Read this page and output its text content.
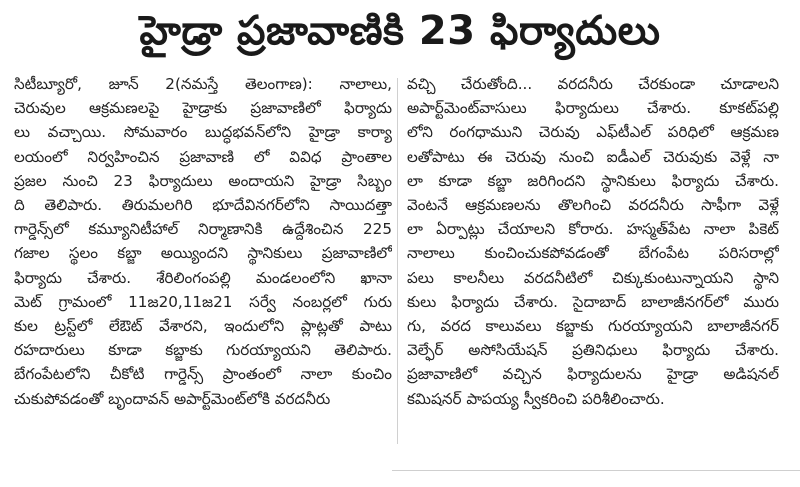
హైడ్రా ప్రజావాణికి 23 ఫిర్యాదులు
సిటీబ్యూరో, జూన్ 2(నమస్తే తెలంగాణ): నాలాలు,
చెరువుల ఆక్రమణలపై హైడ్రాకు ప్రజావాణిలో ఫిర్యాదు
లు వచ్చాయి. సోమవారం బుద్ధభవన్‌లోని హైడ్రా కార్యా
లయంలో నిర్వహించిన ప్రజావాణి లో వివిధ ప్రాంతాల
ప్రజల నుంచి 23 ఫిర్యాదులు అందాయని హైడ్రా సిబ్బం
ది తెలిపారు. తిరుమలగిరి భూదేవినగర్‌లోని సాయిదత్తా
గార్డెన్స్‌లో కమ్యూనిటీహాల్ నిర్మాణానికి ఉద్దేశించిన 225
గజాల స్థలం కబ్జా అయ్యిందని స్థానికులు ప్రజావాణిలో
ఫిర్యాదు చేశారు. శేరిలింగంపల్లి మండలంలోని ఖానా
మెట్ గ్రామంలో 11జ20,11జ21 సర్వే నంబర్లలో గురు
కుల ట్రస్ట్‌లో లేఔట్ వేశారని, ఇందులోని ప్లాట్లతో పాటు
రహదారులు కూడా కబ్జాకు గురయ్యాయని తెలిపారు.
బేగంపేటలోని చీకోటి గార్డెన్స్ ప్రాంతంలో నాలా కుంచిం
చుకుపోవడంతో బృందావన్ అపార్ట్‌మెంట్‌లోకి వరదనీరు
వచ్చి చేరుతోంది... వరదనీరు చేరకుండా చూడాలని
అపార్ట్‌మెంట్‌వాసులు ఫిర్యాదులు చేశారు. కూకట్‌పల్లి
లోని రంగధాముని చెరువు ఎఫ్‌టీఎల్ పరిధిలో ఆక్రమణ
లతోపాటు ఈ చెరువు నుంచి ఐడీఎల్ చెరువుకు వెళ్లే నా
లా కూడా కబ్జా జరిగిందని స్థానికులు ఫిర్యాదు చేశారు.
వెంటనే ఆక్రమణలను తొలగించి వరదనీరు సాఫీగా వెళ్లే
లా ఏర్పాట్లు చేయాలని కోరారు. హస్మత్‌పేట నాలా పికెట్
నాలాలు కుంచించుకపోవడంతో బేగంపేట పరిసరాల్లో
పలు కాలనీలు వరదనీటిలో చిక్కుకుంటున్నాయని స్థాని
కులు ఫిర్యాదు చేశారు. సైదాబాద్ బాలాజీనగర్‌లో మురు
గు, వరద కాలువలు కబ్జాకు గురయ్యాయని బాలాజీనగర్
వెల్ఫేర్ అసోసియేషన్ ప్రతినిధులు ఫిర్యాదు చేశారు.
ప్రజావాణిలో వచ్చిన ఫిర్యాదులను హైడ్రా అడిషనల్
కమిషనర్ పాపయ్య స్వీకరించి పరిశీలించారు.
